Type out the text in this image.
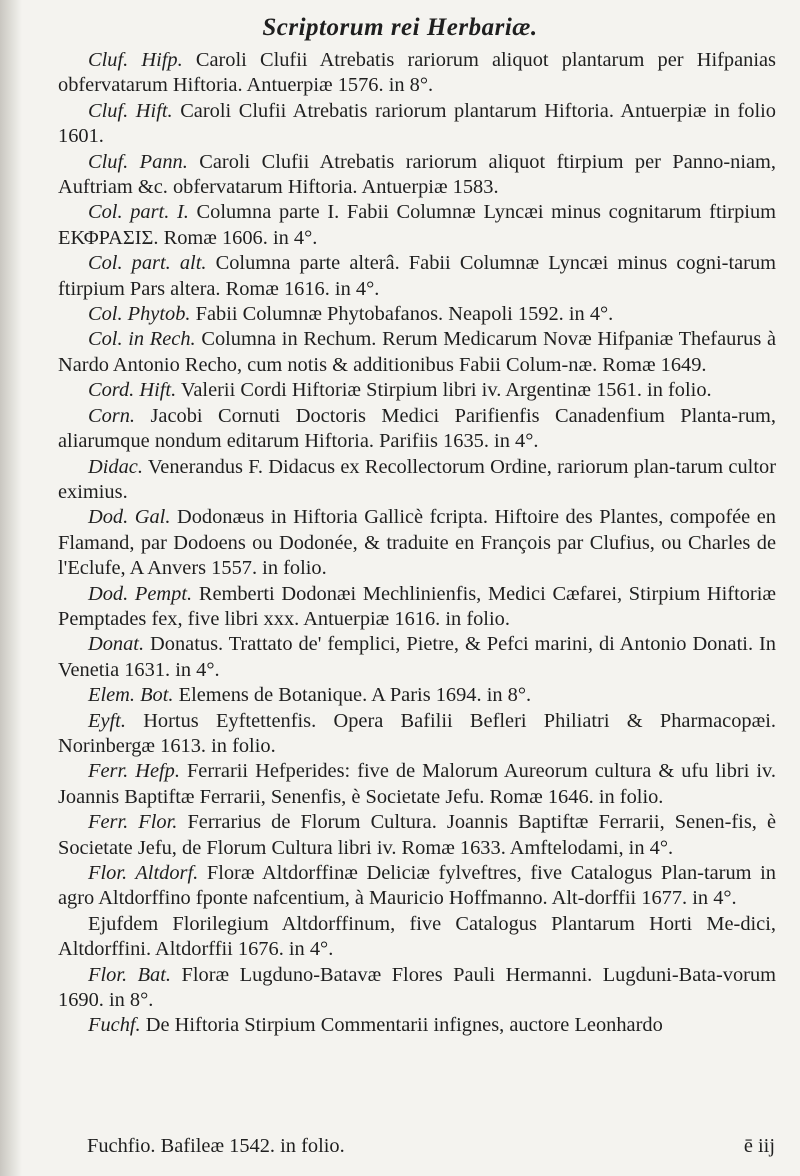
Scriptorum rei Herbariæ.

Cluf. Hifp. Caroli Clufii Atrebatis rariorum aliquot plantarum per Hifpanias obfervatarum Hiftoria. Antuerpiæ 1576. in 8°.

Cluf. Hift. Caroli Clufii Atrebatis rariorum plantarum Hiftoria. Antuerpiæ in folio 1601.

Cluf. Pann. Caroli Clufii Atrebatis rariorum aliquot ftirpium per Panno-niam, Auftriam &c. obfervatarum Hiftoria. Antuerpiæ 1583.

Col. part. I. Columna parte I. Fabii Columnæ Lyncæi minus cognitarum ftirpium ΕΚΦΡΑΣΙΣ. Romæ 1606. in 4°.

Col. part. alt. Columna parte alterâ. Fabii Columnæ Lyncæi minus cogni-tarum ftirpium Pars altera. Romæ 1616. in 4°.

Col. Phytob. Fabii Columnæ Phytobafanos. Neapoli 1592. in 4°.

Col. in Rech. Columna in Rechum. Rerum Medicarum Novæ Hifpaniæ Thefaurus à Nardo Antonio Recho, cum notis & additionibus Fabii Colum-næ. Romæ 1649.

Cord. Hift. Valerii Cordi Hiftoriæ Stirpium libri iv. Argentinæ 1561. in folio.

Corn. Jacobi Cornuti Doctoris Medici Parifienfis Canadenfium Planta-rum, aliarumque nondum editarum Hiftoria. Parifiis 1635. in 4°.

Didac. Venerandus F. Didacus ex Recollectorum Ordine, rariorum plan-tarum cultor eximius.

Dod. Gal. Dodonæus in Hiftoria Gallicè fcripta. Hiftoire des Plantes, compofée en Flamand, par Dodoens ou Dodonée, & traduite en François par Clufius, ou Charles de l'Eclufe, A Anvers 1557. in folio.

Dod. Pempt. Remberti Dodonæi Mechlinienfis, Medici Cæfarei, Stirpium Hiftoriæ Pemptades fex, five libri xxx. Antuerpiæ 1616. in folio.

Donat. Donatus. Trattato de' femplici, Pietre, & Pefci marini, di Antonio Donati. In Venetia 1631. in 4°.

Elem. Bot. Elemens de Botanique. A Paris 1694. in 8°.

Eyft. Hortus Eyftettenfis. Opera Bafilii Befleri Philiatri & Pharmacopæi. Norinbergæ 1613. in folio.

Ferr. Hefp. Ferrarii Hefperides: five de Malorum Aureorum cultura & ufu libri iv. Joannis Baptiftæ Ferrarii, Senenfis, è Societate Jefu. Romæ 1646. in folio.

Ferr. Flor. Ferrarius de Florum Cultura. Joannis Baptiftæ Ferrarii, Senen-fis, è Societate Jefu, de Florum Cultura libri iv. Romæ 1633. Amftelodami, in 4°.

Flor. Altdorf. Floræ Altdorffinæ Deliciæ fylveftres, five Catalogus Plan-tarum in agro Altdorffino fponte nafcentium, à Mauricio Hoffmanno. Alt-dorffii 1677. in 4°.

Ejufdem Florilegium Altdorffinum, five Catalogus Plantarum Horti Me-dici, Altdorffini. Altdorffii 1676. in 4°.

Flor. Bat. Floræ Lugduno-Batavæ Flores Pauli Hermanni. Lugduni-Bata-vorum 1690. in 8°.

Fuchf. De Hiftoria Stirpium Commentarii infignes, auctore Leonhardo

Fuchfio. Bafileæ 1542. in folio.	ē iij
